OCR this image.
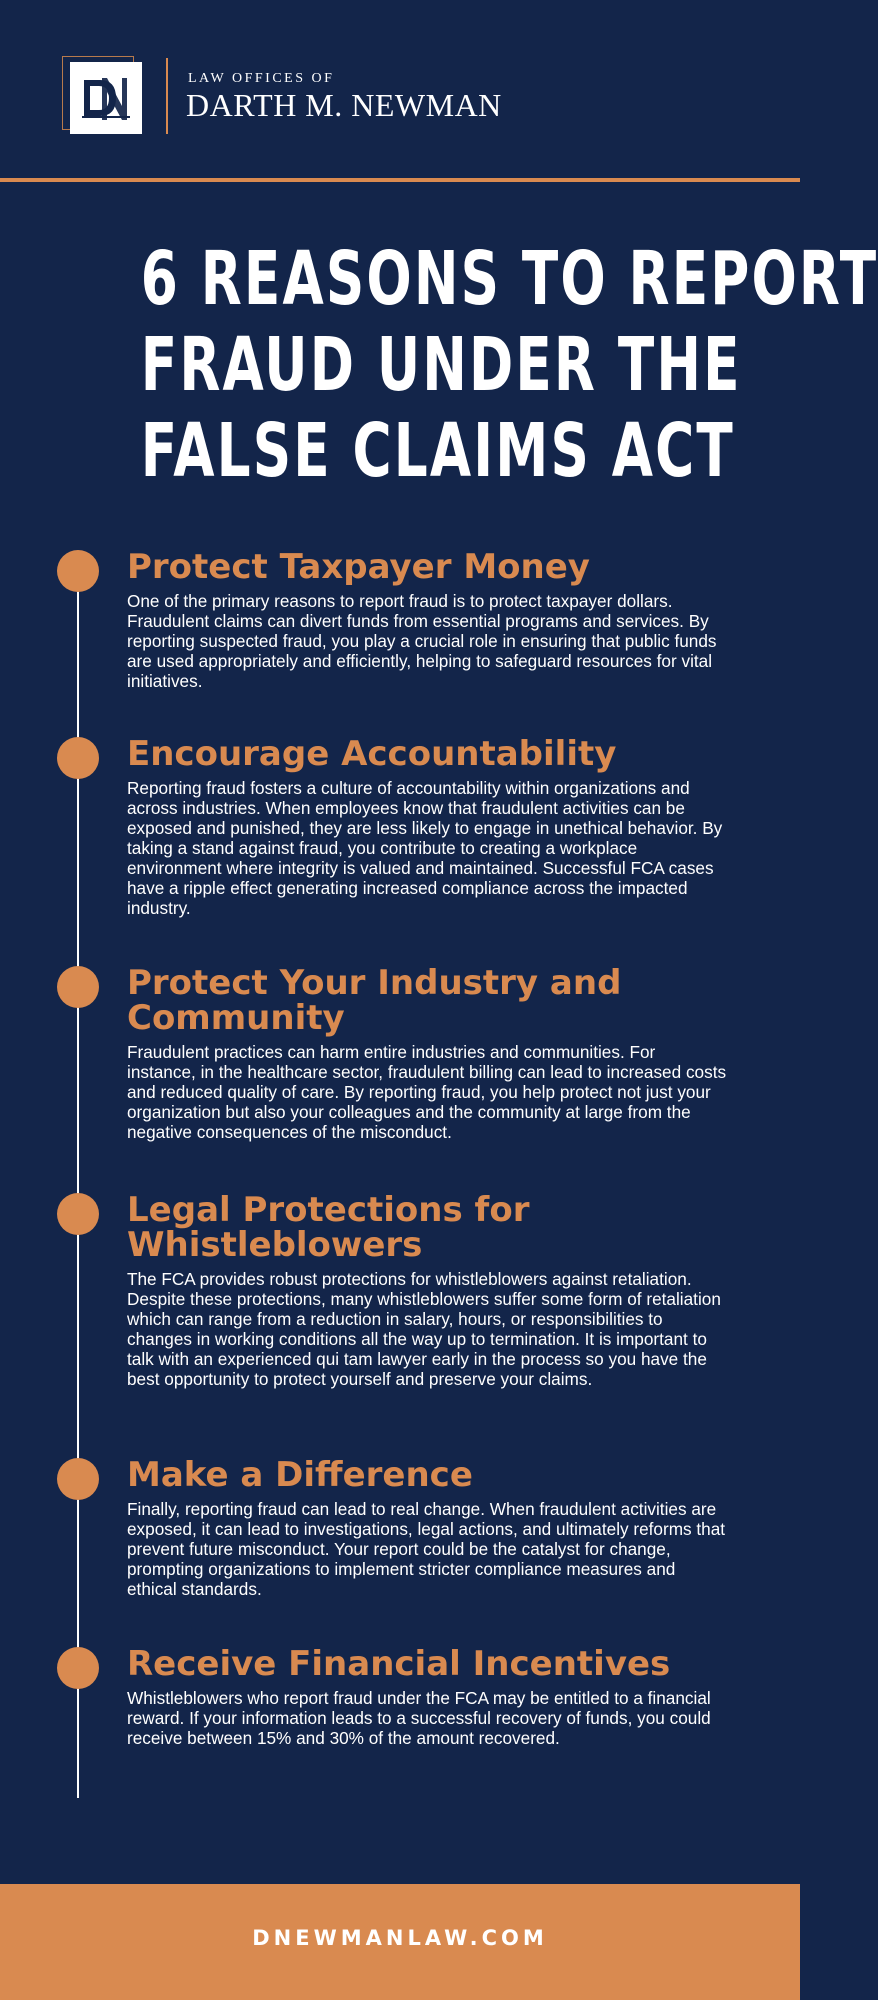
LAW OFFICES OF
DARTH M. NEWMAN
6 REASONS TO REPORT
FRAUD UNDER THE
FALSE CLAIMS ACT
Protect Taxpayer Money

One of the primary reasons to report fraud is to protect taxpayer dollars. Fraudulent claims can divert funds from essential programs and services. By reporting suspected fraud, you play a crucial role in ensuring that public funds are used appropriately and efficiently, helping to safeguard resources for vital initiatives.

Encourage Accountability

Reporting fraud fosters a culture of accountability within organizations and across industries. When employees know that fraudulent activities can be exposed and punished, they are less likely to engage in unethical behavior. By taking a stand against fraud, you contribute to creating a workplace environment where integrity is valued and maintained. Successful FCA cases have a ripple effect generating increased compliance across the impacted industry.

Protect Your Industry and Community

Fraudulent practices can harm entire industries and communities. For instance, in the healthcare sector, fraudulent billing can lead to increased costs and reduced quality of care. By reporting fraud, you help protect not just your organization but also your colleagues and the community at large from the negative consequences of the misconduct.

Legal Protections for Whistleblowers

The FCA provides robust protections for whistleblowers against retaliation. Despite these protections, many whistleblowers suffer some form of retaliation which can range from a reduction in salary, hours, or responsibilities to changes in working conditions all the way up to termination. It is important to talk with an experienced qui tam lawyer early in the process so you have the best opportunity to protect yourself and preserve your claims.

Make a Difference

Finally, reporting fraud can lead to real change. When fraudulent activities are exposed, it can lead to investigations, legal actions, and ultimately reforms that prevent future misconduct. Your report could be the catalyst for change, prompting organizations to implement stricter compliance measures and ethical standards.

Receive Financial Incentives

Whistleblowers who report fraud under the FCA may be entitled to a financial reward. If your information leads to a successful recovery of funds, you could receive between 15% and 30% of the amount recovered.

DNEWMANLAW.COM
